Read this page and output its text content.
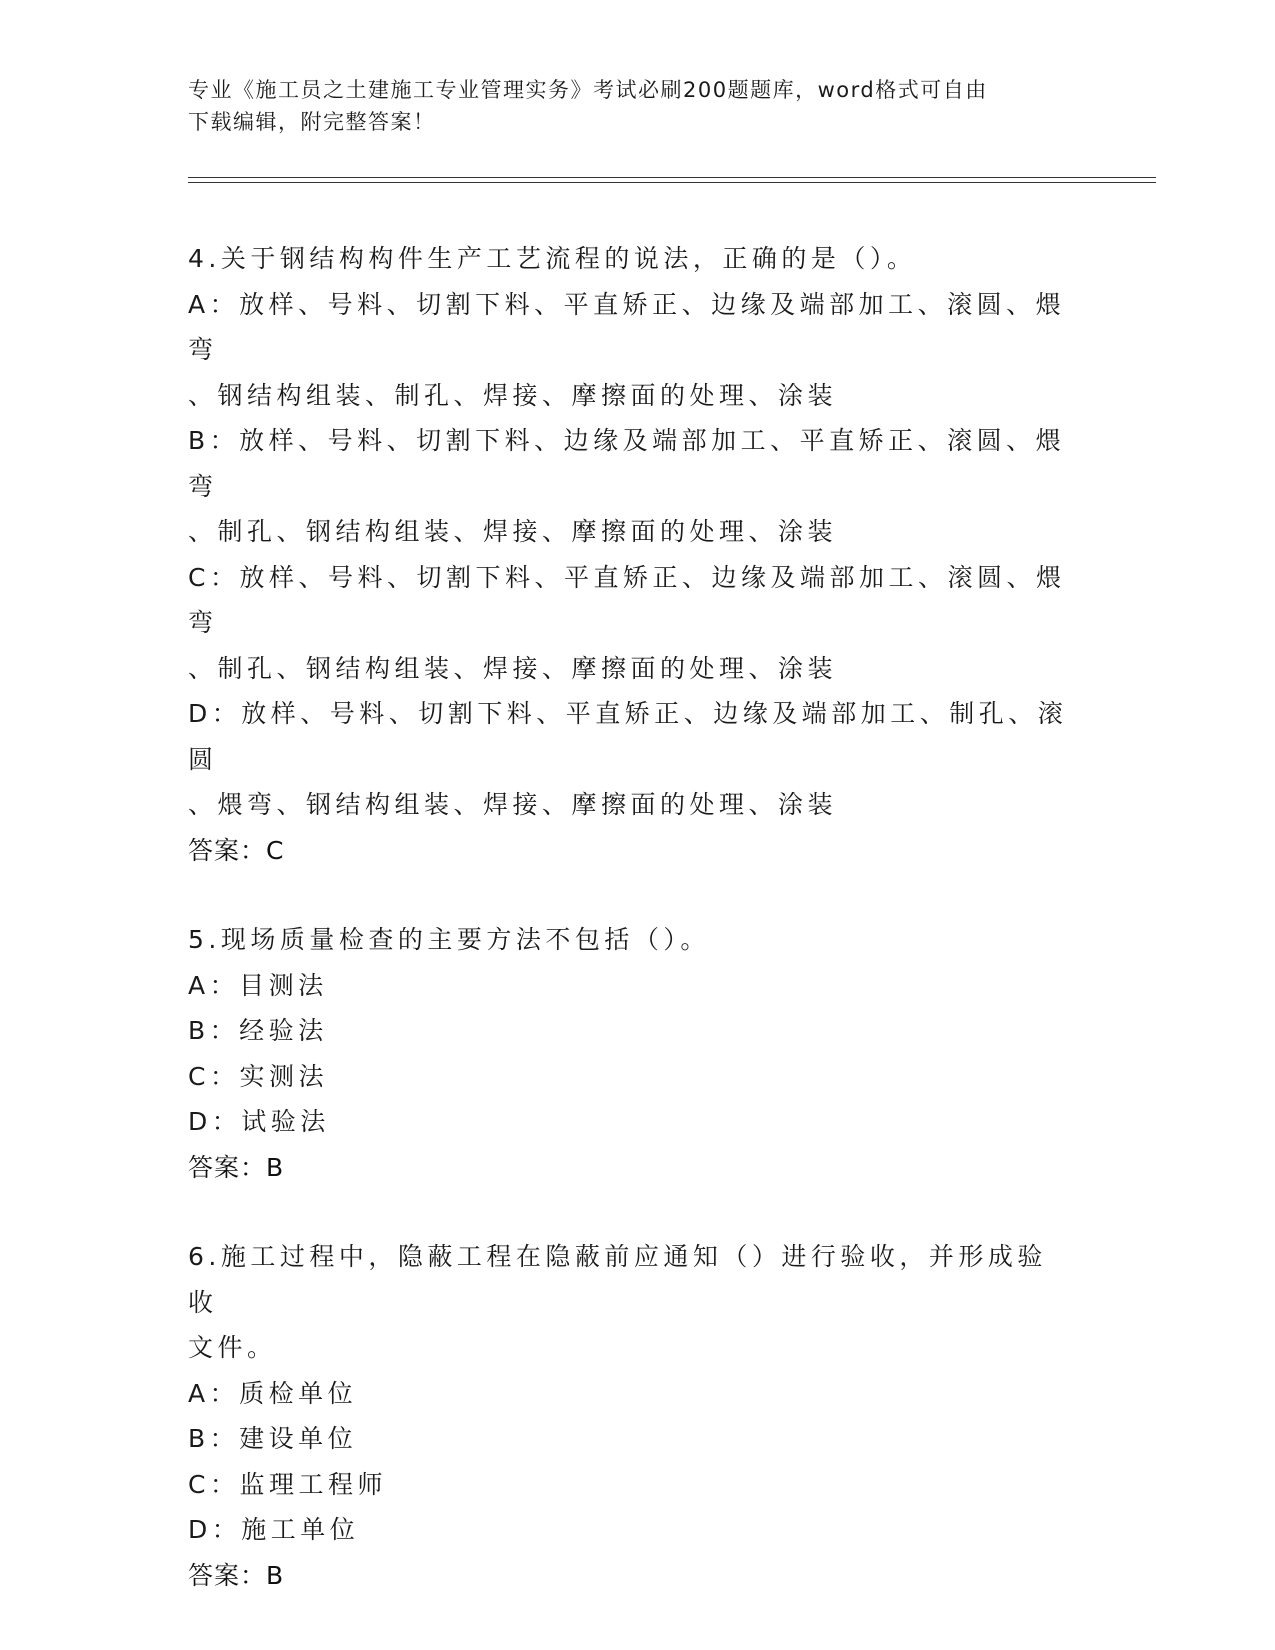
专业《施工员之土建施工专业管理实务》考试必刷200题题库，word格式可自由
下载编辑，附完整答案！
4.关于钢结构构件生产工艺流程的说法，正确的是（）。
A：放样、号料、切割下料、平直矫正、边缘及端部加工、滚圆、煨弯
、钢结构组装、制孔、焊接、摩擦面的处理、涂装
B：放样、号料、切割下料、边缘及端部加工、平直矫正、滚圆、煨弯
、制孔、钢结构组装、焊接、摩擦面的处理、涂装
C：放样、号料、切割下料、平直矫正、边缘及端部加工、滚圆、煨弯
、制孔、钢结构组装、焊接、摩擦面的处理、涂装
D：放样、号料、切割下料、平直矫正、边缘及端部加工、制孔、滚圆
、煨弯、钢结构组装、焊接、摩擦面的处理、涂装
答案：C
5.现场质量检查的主要方法不包括（）。
A：目测法
B：经验法
C：实测法
D：试验法
答案：B
6.施工过程中，隐蔽工程在隐蔽前应通知（）进行验收，并形成验收
文件。
A：质检单位
B：建设单位
C：监理工程师
D：施工单位
答案：B
